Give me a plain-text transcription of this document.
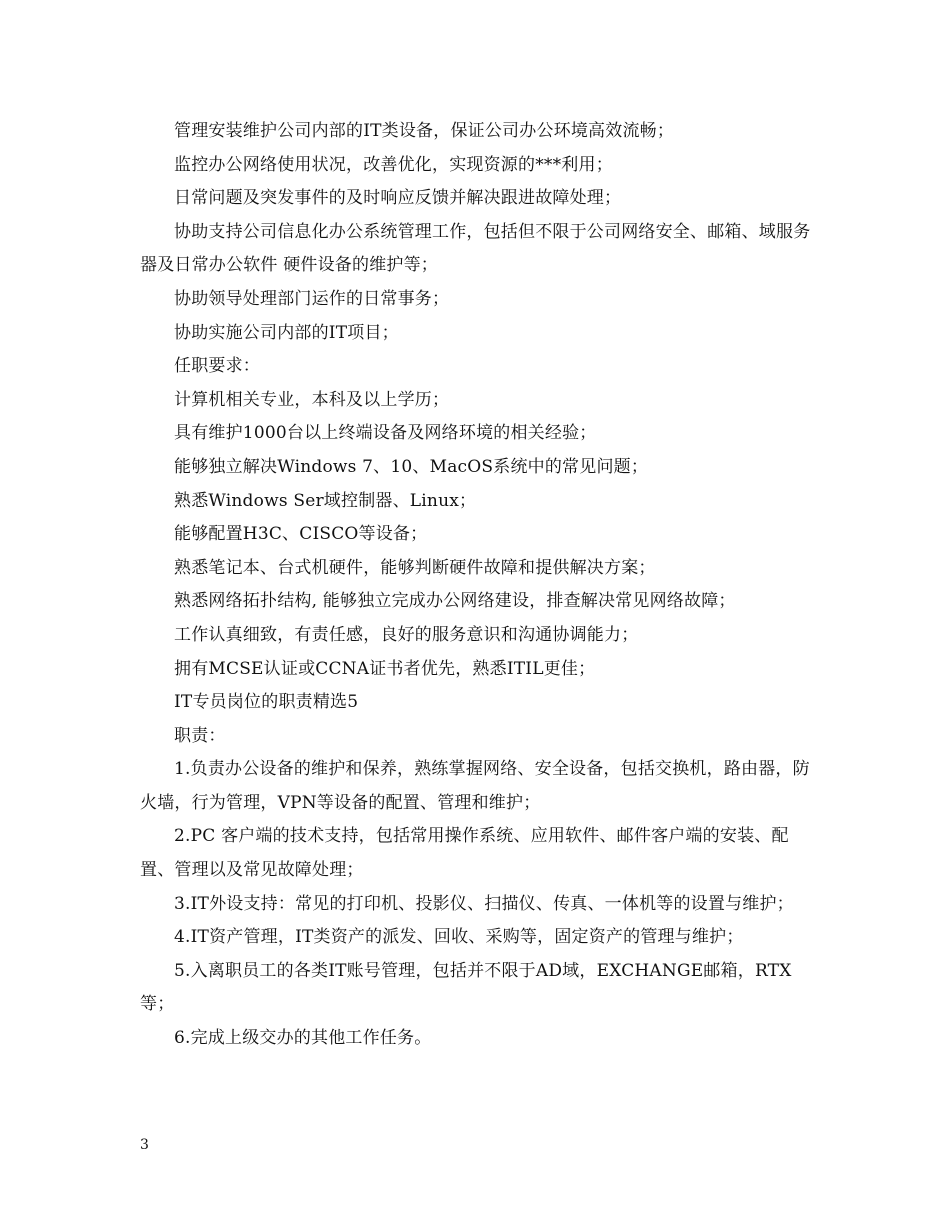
管理安装维护公司内部的IT类设备，保证公司办公环境高效流畅；

监控办公网络使用状况，改善优化，实现资源的***利用；

日常问题及突发事件的及时响应反馈并解决跟进故障处理；

协助支持公司信息化办公系统管理工作，包括但不限于公司网络安全、邮箱、域服务器及日常办公软件 硬件设备的维护等；

协助领导处理部门运作的日常事务；

协助实施公司内部的IT项目；

任职要求：

计算机相关专业，本科及以上学历；

具有维护1000台以上终端设备及网络环境的相关经验；

能够独立解决Windows 7、10、MacOS系统中的常见问题；

熟悉Windows Ser域控制器、Linux；

能够配置H3C、CISCO等设备；

熟悉笔记本、台式机硬件，能够判断硬件故障和提供解决方案；

熟悉网络拓扑结构, 能够独立完成办公网络建设，排查解决常见网络故障；

工作认真细致，有责任感，良好的服务意识和沟通协调能力；

拥有MCSE认证或CCNA证书者优先，熟悉ITIL更佳；

IT专员岗位的职责精选5

职责：

1.负责办公设备的维护和保养，熟练掌握网络、安全设备，包括交换机，路由器，防火墙，行为管理，VPN等设备的配置、管理和维护；

2.PC 客户端的技术支持，包括常用操作系统、应用软件、邮件客户端的安装、配置、管理以及常见故障处理；

3.IT外设支持：常见的打印机、投影仪、扫描仪、传真、一体机等的设置与维护；

4.IT资产管理，IT类资产的派发、回收、采购等，固定资产的管理与维护；

5.入离职员工的各类IT账号管理，包括并不限于AD域，EXCHANGE邮箱，RTX等；

6.完成上级交办的其他工作任务。

3
